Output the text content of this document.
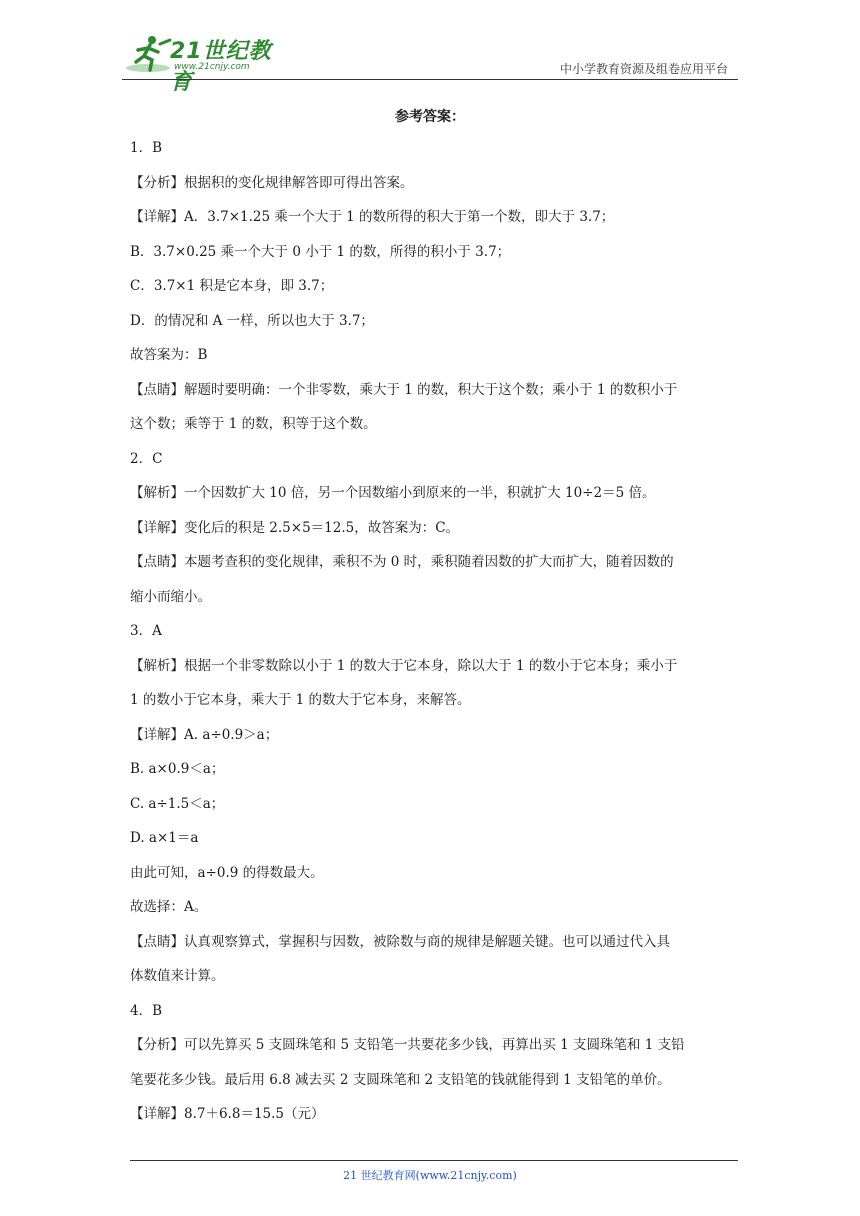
21世纪教育
www.21cnjy.com	中小学教育资源及组卷应用平台
参考答案：
1．B
【分析】根据积的变化规律解答即可得出答案。
【详解】A．3.7×1.25 乘一个大于 1 的数所得的积大于第一个数，即大于 3.7；
B．3.7×0.25 乘一个大于 0 小于 1 的数，所得的积小于 3.7；
C．3.7×1 积是它本身，即 3.7；
D．的情况和 A 一样，所以也大于 3.7；
故答案为：B
【点睛】解题时要明确：一个非零数，乘大于 1 的数，积大于这个数；乘小于 1 的数积小于
这个数；乘等于 1 的数，积等于这个数。
2．C
【解析】一个因数扩大 10 倍，另一个因数缩小到原来的一半，积就扩大 10÷2＝5 倍。
【详解】变化后的积是 2.5×5＝12.5，故答案为：C。
【点睛】本题考查积的变化规律，乘积不为 0 时，乘积随着因数的扩大而扩大，随着因数的
缩小而缩小。
3．A
【解析】根据一个非零数除以小于 1 的数大于它本身，除以大于 1 的数小于它本身；乘小于
1 的数小于它本身，乘大于 1 的数大于它本身，来解答。
【详解】A. a÷0.9＞a；
B. a×0.9＜a；
C. a÷1.5＜a；
D. a×1＝a
由此可知，a÷0.9 的得数最大。
故选择：A。
【点睛】认真观察算式，掌握积与因数，被除数与商的规律是解题关键。也可以通过代入具
体数值来计算。
4．B
【分析】可以先算买 5 支圆珠笔和 5 支铅笔一共要花多少钱，再算出买 1 支圆珠笔和 1 支铅
笔要花多少钱。最后用 6.8 减去买 2 支圆珠笔和 2 支铅笔的钱就能得到 1 支铅笔的单价。
【详解】8.7＋6.8＝15.5（元）
21 世纪教育网(www.21cnjy.com)
